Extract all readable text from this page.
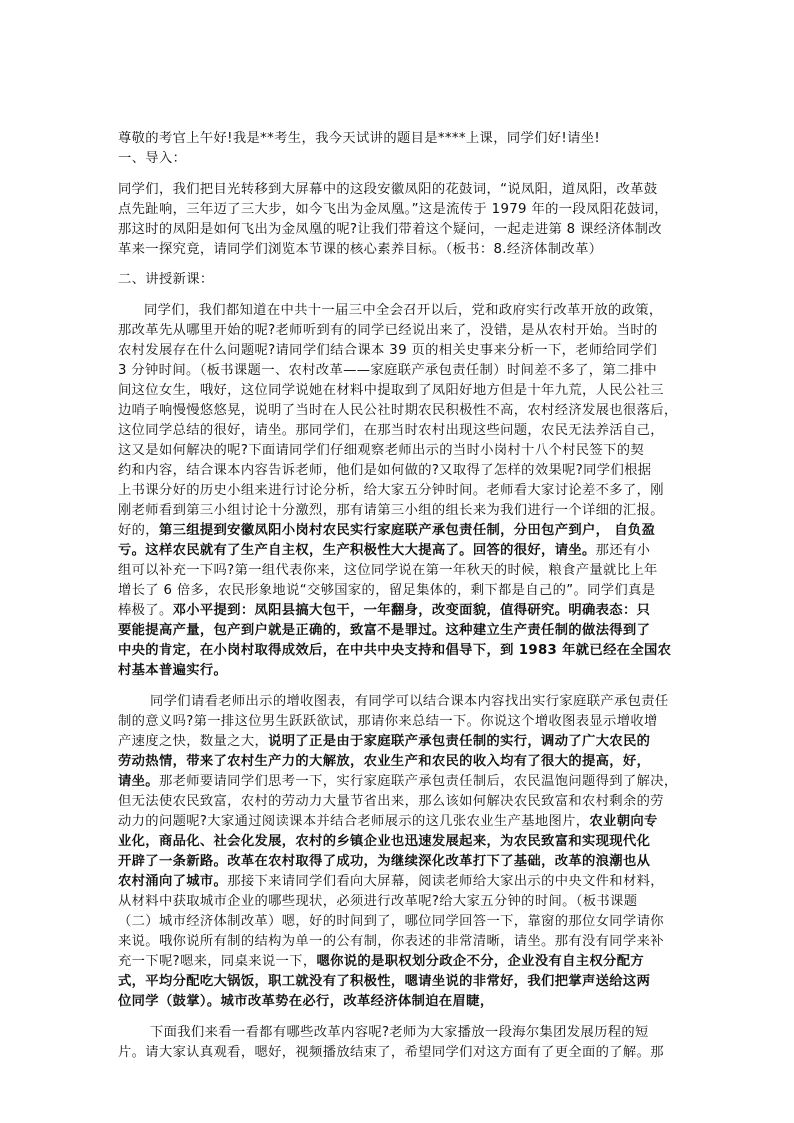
尊敬的考官上午好!我是**考生，我今天试讲的题目是****上课，同学们好!请坐!
一、导入：
同学们，我们把目光转移到大屏幕中的这段安徽凤阳的花鼓词，“说凤阳，道凤阳，改革鼓
点先趾响，三年迈了三大步，如今飞出为金凤凰。”这是流传于 1979 年的一段凤阳花鼓词，
那这时的凤阳是如何飞出为金凤凰的呢?让我们带着这个疑问，一起走进第 8 课经济体制改
革来一探究竟，请同学们浏览本节课的核心素养目标。（板书：8.经济体制改革）
二、讲授新课：
同学们，我们都知道在中共十一届三中全会召开以后，党和政府实行改革开放的政策，
那改革先从哪里开始的呢?老师听到有的同学已经说出来了，没错，是从农村开始。当时的
农村发展存在什么问题呢?请同学们结合课本 39 页的相关史事来分析一下，老师给同学们
3 分钟时间。（板书课题一、农村改革——家庭联产承包责任制）时间差不多了，第二排中
间这位女生，哦好，这位同学说她在材料中提取到了凤阳好地方但是十年九荒，人民公社三
边哨子响慢慢悠悠晃，说明了当时在人民公社时期农民积极性不高，农村经济发展也很落后，
这位同学总结的很好，请坐。那同学们，在那当时农村出现这些问题，农民无法养活自己，
这又是如何解决的呢?下面请同学们仔细观察老师出示的当时小岗村十八个村民签下的契
约和内容，结合课本内容告诉老师，他们是如何做的?又取得了怎样的效果呢?同学们根据
上书课分好的历史小组来进行讨论分析，给大家五分钟时间。老师看大家讨论差不多了，刚
刚老师看到第三小组讨论十分激烈，那有请第三小组的组长来为我们进行一个详细的汇报。
好的，第三组提到安徽凤阳小岗村农民实行家庭联产承包责任制，分田包产到户， 自负盈
亏。这样农民就有了生产自主权，生产积极性大大提高了。回答的很好，请坐。那还有小
组可以补充一下吗?第一组代表你来，这位同学说在第一年秋天的时候，粮食产量就比上年
增长了 6 倍多，农民形象地说“交够国家的，留足集体的，剩下都是自己的”。同学们真是
棒极了。邓小平提到：凤阳县搞大包干，一年翻身，改变面貌，值得研究。明确表态：只
要能提高产量，包产到户就是正确的，致富不是罪过。这种建立生产责任制的做法得到了
中央的肯定，在小岗村取得成效后，在中共中央支持和倡导下，到 1983 年就已经在全国农
村基本普遍实行。
同学们请看老师出示的增收图表，有同学可以结合课本内容找出实行家庭联产承包责任
制的意义吗?第一排这位男生跃跃欲试，那请你来总结一下。你说这个增收图表显示增收增
产速度之快，数量之大，说明了正是由于家庭联产承包责任制的实行，调动了广大农民的
劳动热情，带来了农村生产力的大解放，农业生产和农民的收入均有了很大的提高，好，
请坐。那老师要请同学们思考一下，实行家庭联产承包责任制后，农民温饱问题得到了解决，
但无法使农民致富，农村的劳动力大量节省出来，那么该如何解决农民致富和农村剩余的劳
动力的问题呢?大家通过阅读课本并结合老师展示的这几张农业生产基地图片，农业朝向专
业化，商品化、社会化发展，农村的乡镇企业也迅速发展起来，为农民致富和实现现代化
开辟了一条新路。改革在农村取得了成功，为继续深化改革打下了基础，改革的浪潮也从
农村涌向了城市。那接下来请同学们看向大屏幕，阅读老师给大家出示的中央文件和材料，
从材料中获取城市企业的哪些现状，必须进行改革呢?给大家五分钟的时间。（板书课题
（二）城市经济体制改革）嗯，好的时间到了，哪位同学回答一下，靠窗的那位女同学请你
来说。哦你说所有制的结构为单一的公有制，你表述的非常清晰，请坐。那有没有同学来补
充一下呢?嗯来，同桌来说一下，嗯你说的是职权划分政企不分，企业没有自主权分配方
式，平均分配吃大锅饭，职工就没有了积极性，嗯请坐说的非常好，我们把掌声送给这两
位同学（鼓掌）。城市改革势在必行，改革经济体制迫在眉睫，
下面我们来看一看都有哪些改革内容呢?老师为大家播放一段海尔集团发展历程的短
片。请大家认真观看，嗯好，视频播放结束了，希望同学们对这方面有了更全面的了解。那
